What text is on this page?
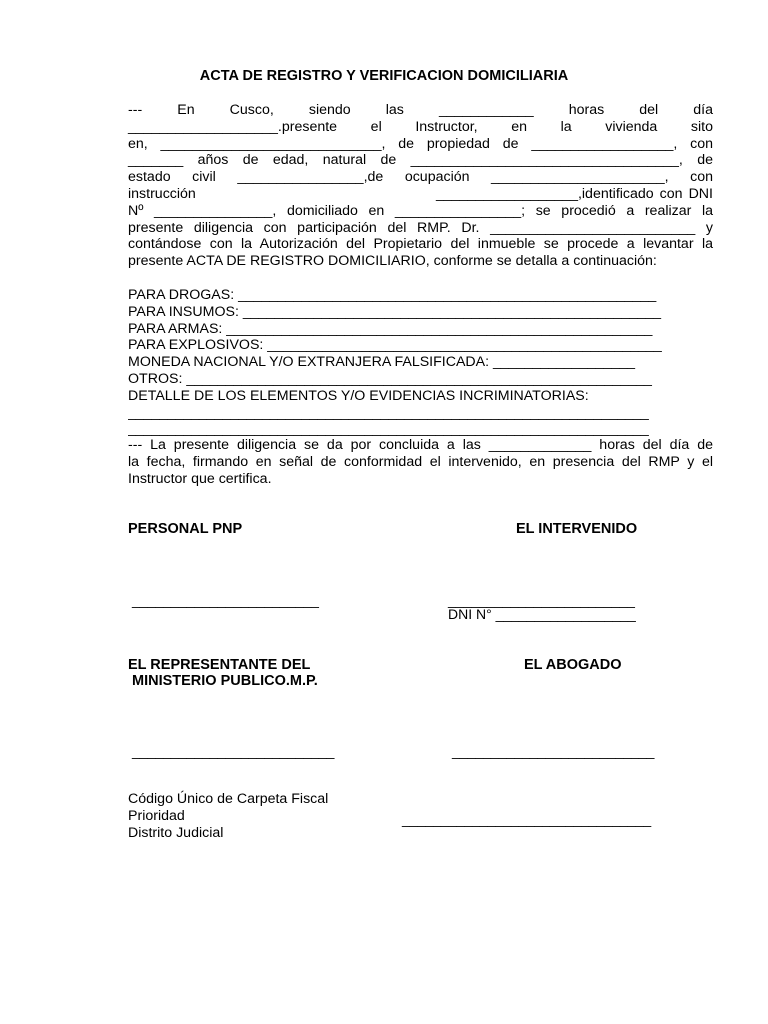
ACTA DE REGISTRO Y VERIFICACION DOMICILIARIA
--- En Cusco, siendo las ____________ horas del día
___________________.presente el Instructor, en la vivienda sito
en, ____________________________, de propiedad de __________________, con
_______ años de edad, natural de __________________________________, de
estado civil ________________,de ocupación ______________________, con
instrucción                                        __________________,identificado con DNI
Nº _______________, domiciliado en ________________; se procedió a realizar la
presente diligencia con participación del RMP. Dr. __________________________ y
contándose con la Autorización del Propietario del inmueble se procede a levantar la
presente ACTA DE REGISTRO DOMICILIARIO, conforme se detalla a continuación:
PARA DROGAS: _____________________________________________________
PARA INSUMOS: _____________________________________________________
PARA ARMAS: ______________________________________________________
PARA EXPLOSIVOS: __________________________________________________
MONEDA NACIONAL Y/O EXTRANJERA FALSIFICADA: __________________
OTROS: ___________________________________________________________
DETALLE DE LOS ELEMENTOS Y/O EVIDENCIAS INCRIMINATORIAS:
__________________________________________________________________
__________________________________________________________________
--- La presente diligencia se da por concluida a las _____________ horas del día de
la fecha, firmando en señal de conformidad el intervenido, en presencia del RMP y el
Instructor que certifica.
PERSONAL PNP	EL INTERVENIDO
________________________	________________________
DNI N° __________________
EL REPRESENTANTE DEL
MINISTERIO PUBLICO.M.P.
EL ABOGADO
__________________________	__________________________
Código Único de Carpeta Fiscal
Prioridad
Distrito Judicial
________________________________
